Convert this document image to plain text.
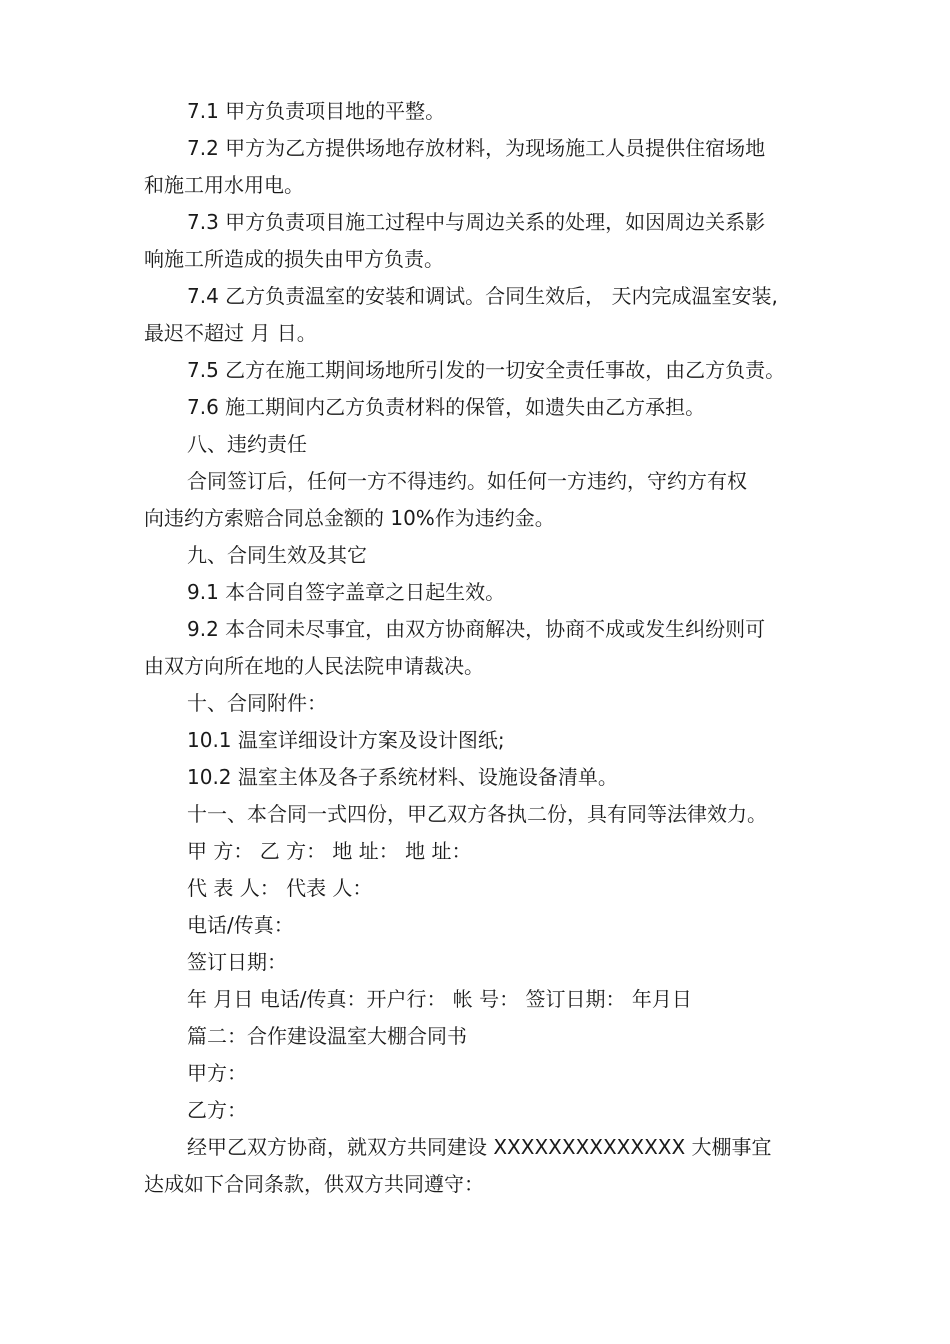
7.1 甲方负责项目地的平整。
7.2 甲方为乙方提供场地存放材料，为现场施工人员提供住宿场地
和施工用水用电。
7.3 甲方负责项目施工过程中与周边关系的处理，如因周边关系影
响施工所造成的损失由甲方负责。
7.4 乙方负责温室的安装和调试。合同生效后， 天内完成温室安装,
最迟不超过 月 日。
7.5 乙方在施工期间场地所引发的一切安全责任事故，由乙方负责。
7.6 施工期间内乙方负责材料的保管，如遗失由乙方承担。
八、违约责任
合同签订后，任何一方不得违约。如任何一方违约，守约方有权
向违约方索赔合同总金额的 10%作为违约金。
九、合同生效及其它
9.1 本合同自签字盖章之日起生效。
9.2 本合同未尽事宜，由双方协商解决，协商不成或发生纠纷则可
由双方向所在地的人民法院申请裁决。
十、合同附件：
10.1 温室详细设计方案及设计图纸;
10.2 温室主体及各子系统材料、设施设备清单。
十一、本合同一式四份，甲乙双方各执二份，具有同等法律效力。
甲 方： 乙 方： 地 址： 地 址：
代 表 人： 代表 人：
电话/传真：
签订日期：
年 月日 电话/传真：开户行： 帐 号： 签订日期： 年月日
篇二：合作建设温室大棚合同书
甲方：
乙方：
经甲乙双方协商，就双方共同建设 XXXXXXXXXXXXXX 大棚事宜
达成如下合同条款，供双方共同遵守：
